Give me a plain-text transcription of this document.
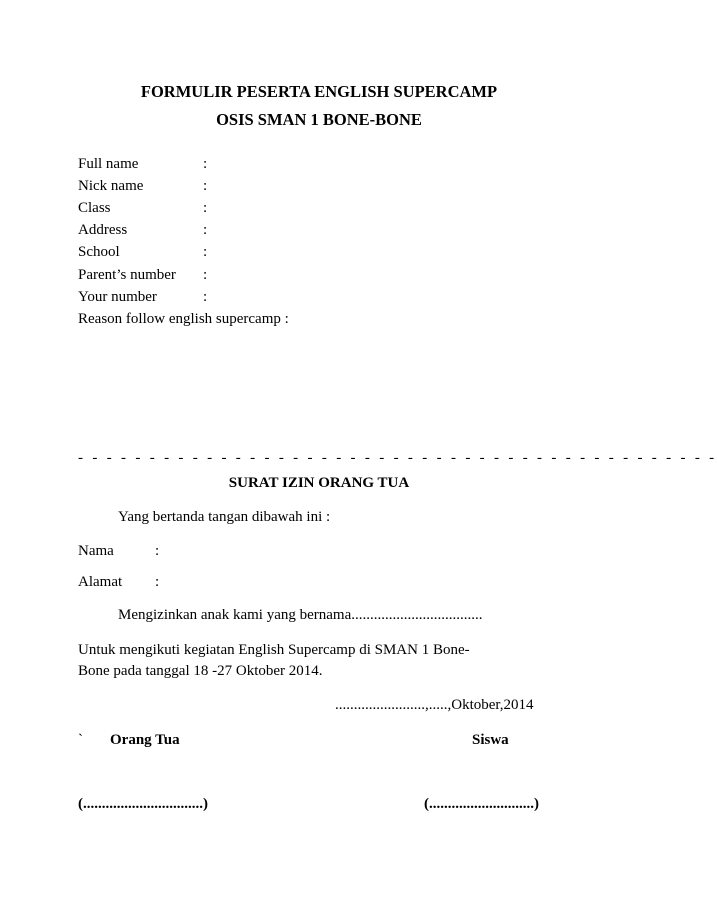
FORMULIR PESERTA ENGLISH SUPERCAMP
OSIS SMAN 1 BONE-BONE
Full name	:
Nick name	:
Class	:
Address	:
School	:
Parent’s number :
Your number	:
Reason follow english supercamp :
- - - - - - - - - - - - - - - - - - - - - - - - - - - - - - - - - - - - - - - - - - - - -
SURAT IZIN ORANG TUA
Yang bertanda tangan dibawah ini :
Nama	:
Alamat :
Mengizinkan anak kami yang bernama...................................
Untuk mengikuti kegiatan English Supercamp di SMAN 1 Bone-
Bone pada tanggal 18 -27 Oktober 2014.
........................,.....,Oktober,2014
` Orang Tua	Siswa
(................................)	(............................)
